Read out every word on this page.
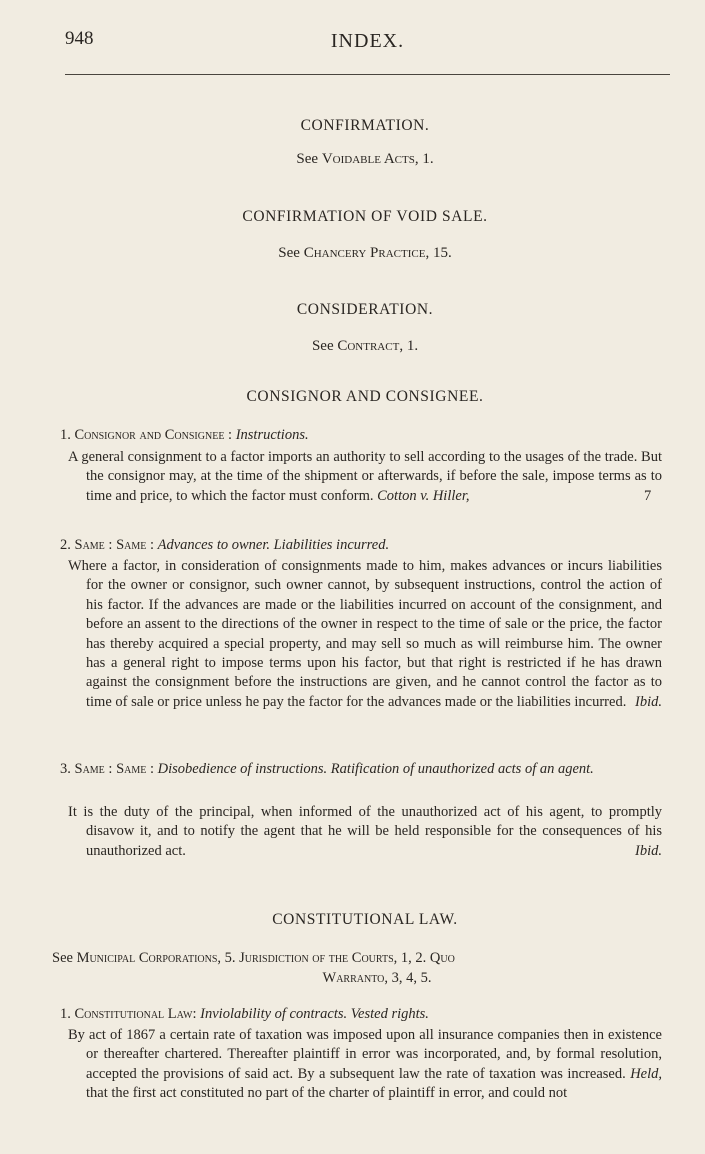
948	INDEX.
CONFIRMATION.
See Voidable Acts, 1.
CONFIRMATION OF VOID SALE.
See Chancery Practice, 15.
CONSIDERATION.
See Contract, 1.
CONSIGNOR AND CONSIGNEE.
1. Consignor and Consignee : Instructions.
A general consignment to a factor imports an authority to sell according to the usages of the trade. But the consignor may, at the time of the shipment or afterwards, if before the sale, impose terms as to time and price, to which the factor must conform. Cotton v. Hiller,	7
2. Same : Same : Advances to owner. Liabilities incurred.
Where a factor, in consideration of consignments made to him, makes advances or incurs liabilities for the owner or consignor, such owner cannot, by subsequent instructions, control the action of his factor. If the advances are made or the liabilities incurred on account of the consignment, and before an assent to the directions of the owner in respect to the time of sale or the price, the factor has thereby acquired a special property, and may sell so much as will reimburse him. The owner has a general right to impose terms upon his factor, but that right is restricted if he has drawn against the consignment before the instructions are given, and he cannot control the factor as to time of sale or price unless he pay the factor for the advances made or the liabilities incurred. Ibid.
3. Same : Same : Disobedience of instructions. Ratification of unauthorized acts of an agent.
It is the duty of the principal, when informed of the unauthorized act of his agent, to promptly disavow it, and to notify the agent that he will be held responsible for the consequences of his unauthorized act.	Ibid.
CONSTITUTIONAL LAW.
See Municipal Corporations, 5. Jurisdiction of the Courts, 1, 2. Quo
Warranto, 3, 4, 5.
1. Constitutional Law: Inviolability of contracts. Vested rights.
By act of 1867 a certain rate of taxation was imposed upon all insurance companies then in existence or thereafter chartered. Thereafter plaintiff in error was incorporated, and, by formal resolution, accepted the provisions of said act. By a subsequent law the rate of taxation was increased. Held, that the first act constituted no part of the charter of plaintiff in error, and could not
